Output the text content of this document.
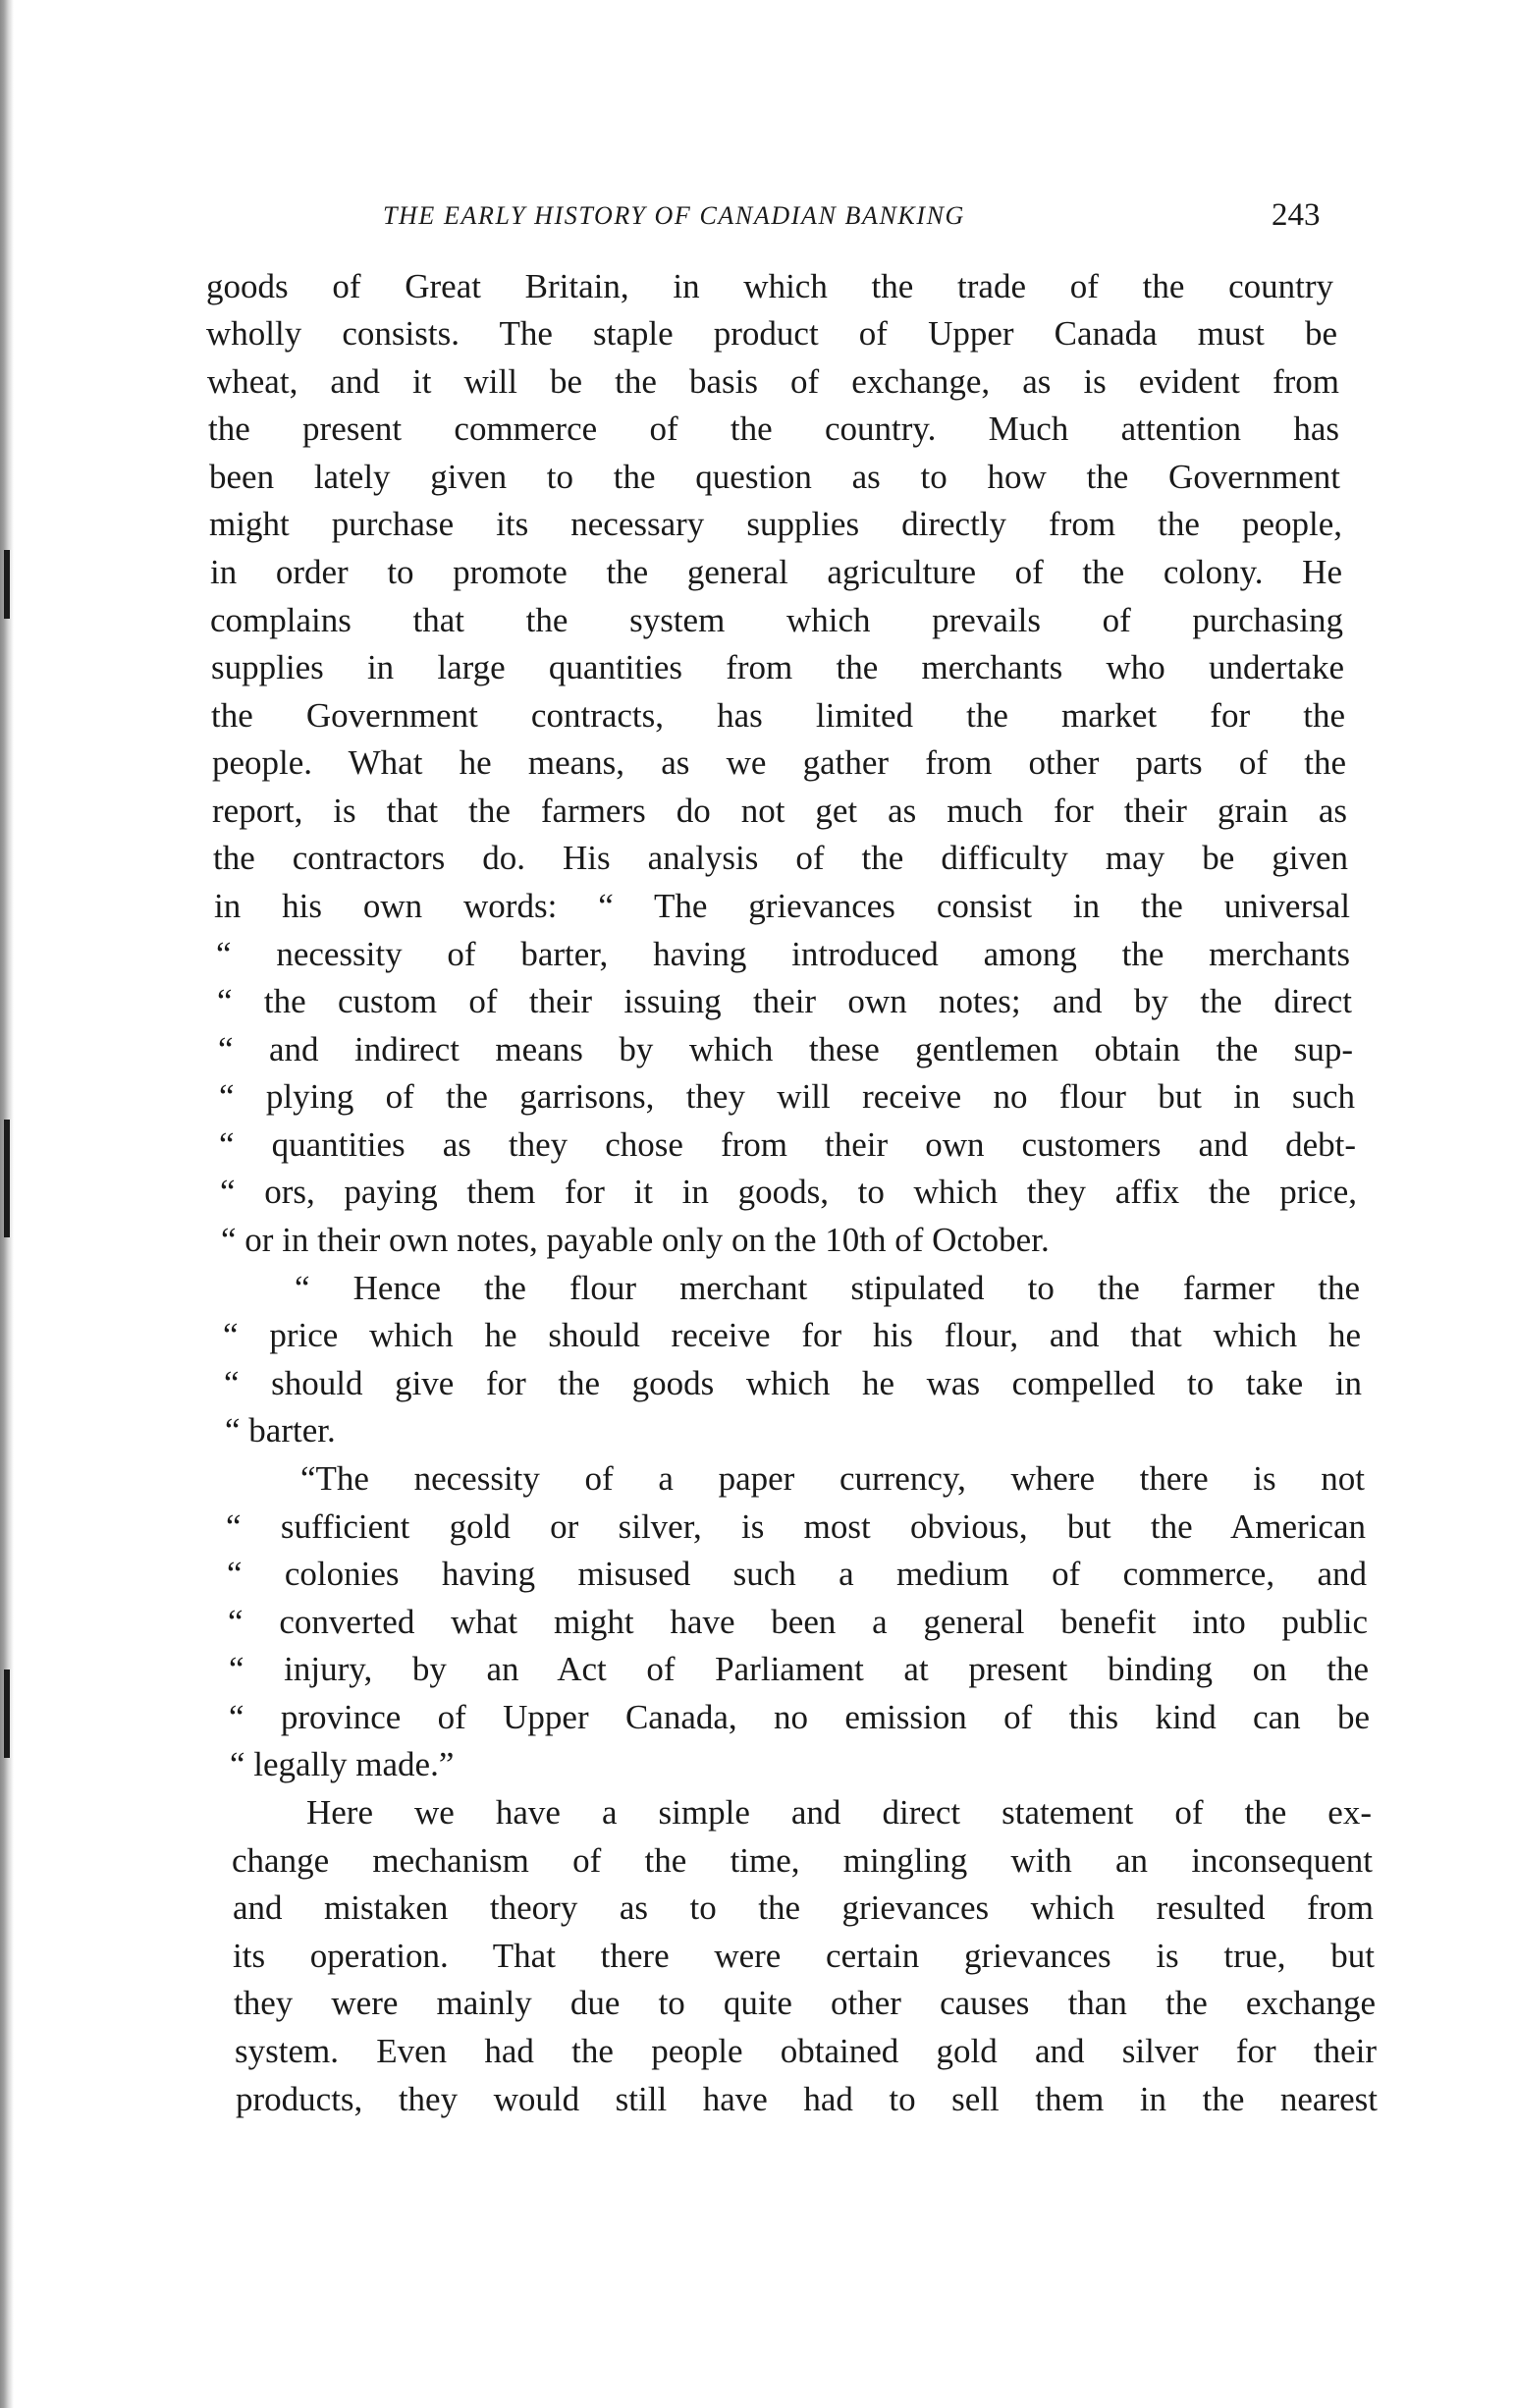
THE EARLY HISTORY OF CANADIAN BANKING	243
goods of Great Britain, in which the trade of the country
wholly consists. The staple product of Upper Canada must be
wheat, and it will be the basis of exchange, as is evident from
the present commerce of the country. Much attention has
been lately given to the question as to how the Government
might purchase its necessary supplies directly from the people,
in order to promote the general agriculture of the colony. He
complains that the system which prevails of purchasing
supplies in large quantities from the merchants who undertake
the Government contracts, has limited the market for the
people. What he means, as we gather from other parts of the
report, is that the farmers do not get as much for their grain as
the contractors do. His analysis of the difficulty may be given
in his own words: “ The grievances consist in the universal
“ necessity of barter, having introduced among the merchants
“ the custom of their issuing their own notes; and by the direct
“ and indirect means by which these gentlemen obtain the sup-
“ plying of the garrisons, they will receive no flour but in such
“ quantities as they chose from their own customers and debt-
“ ors, paying them for it in goods, to which they affix the price,
“ or in their own notes, payable only on the 10th of October.
“ Hence the flour merchant stipulated to the farmer the
“ price which he should receive for his flour, and that which he
“ should give for the goods which he was compelled to take in
“ barter.
“The necessity of a paper currency, where there is not
“ sufficient gold or silver, is most obvious, but the American
“ colonies having misused such a medium of commerce, and
“ converted what might have been a general benefit into public
“ injury, by an Act of Parliament at present binding on the
“ province of Upper Canada, no emission of this kind can be
“ legally made.”
Here we have a simple and direct statement of the ex-
change mechanism of the time, mingling with an inconsequent
and mistaken theory as to the grievances which resulted from
its operation. That there were certain grievances is true, but
they were mainly due to quite other causes than the exchange
system. Even had the people obtained gold and silver for their
products, they would still have had to sell them in the nearest
